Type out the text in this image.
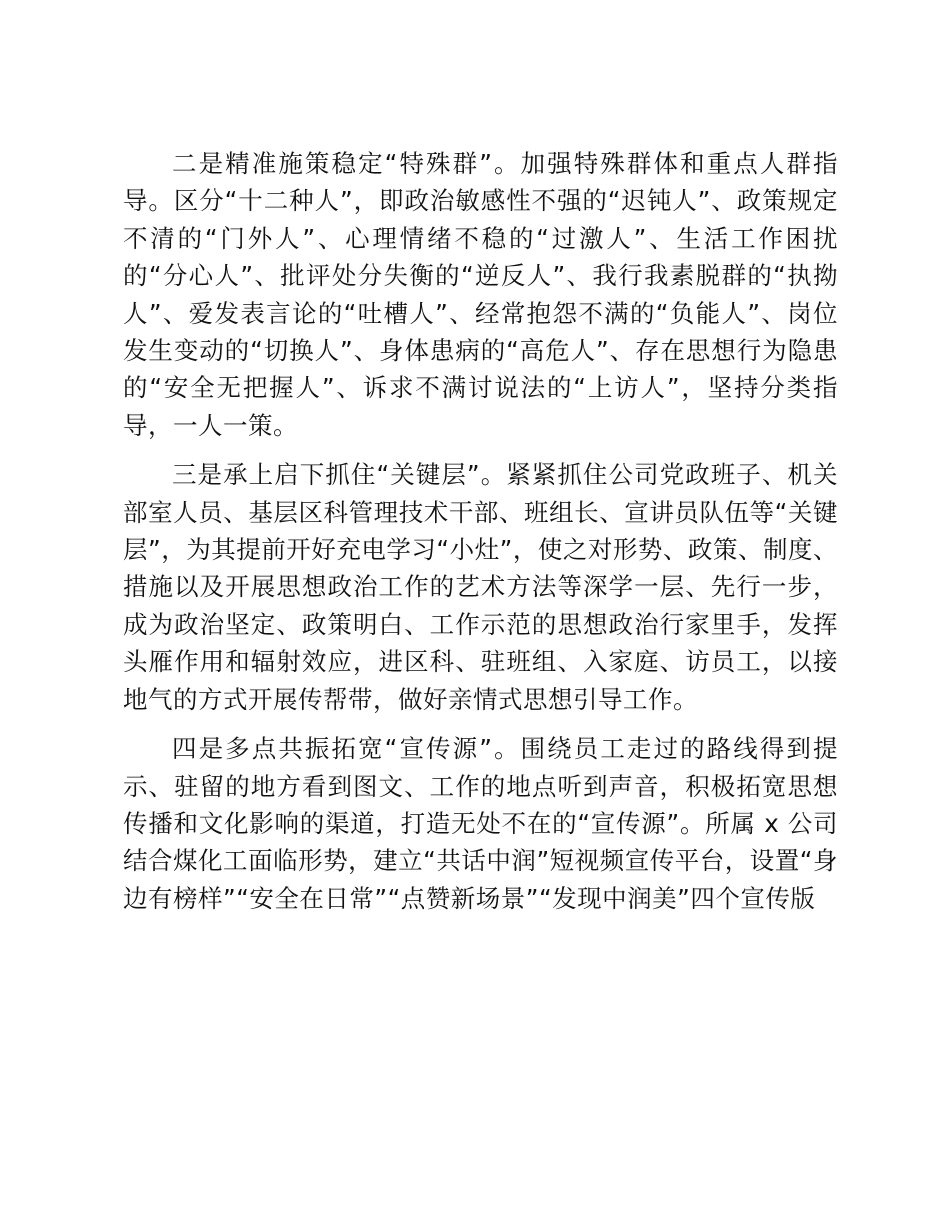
二是精准施策稳定“特殊群”。加强特殊群体和重点人群指导。区分“十二种人”，即政治敏感性不强的“迟钝人”、政策规定不清的“门外人”、心理情绪不稳的“过激人”、生活工作困扰的“分心人”、批评处分失衡的“逆反人”、我行我素脱群的“执拗人”、爱发表言论的“吐槽人”、经常抱怨不满的“负能人”、岗位发生变动的“切换人”、身体患病的“高危人”、存在思想行为隐患的“安全无把握人”、诉求不满讨说法的“上访人”，坚持分类指导，一人一策。

三是承上启下抓住“关键层”。紧紧抓住公司党政班子、机关部室人员、基层区科管理技术干部、班组长、宣讲员队伍等“关键层”，为其提前开好充电学习“小灶”，使之对形势、政策、制度、措施以及开展思想政治工作的艺术方法等深学一层、先行一步，成为政治坚定、政策明白、工作示范的思想政治行家里手，发挥头雁作用和辐射效应，进区科、驻班组、入家庭、访员工，以接地气的方式开展传帮带，做好亲情式思想引导工作。

四是多点共振拓宽“宣传源”。围绕员工走过的路线得到提示、驻留的地方看到图文、工作的地点听到声音，积极拓宽思想传播和文化影响的渠道，打造无处不在的“宣传源”。所属 x 公司结合煤化工面临形势，建立“共话中润”短视频宣传平台，设置“身边有榜样”“安全在日常”“点赞新场景”“发现中润美”四个宣传版
